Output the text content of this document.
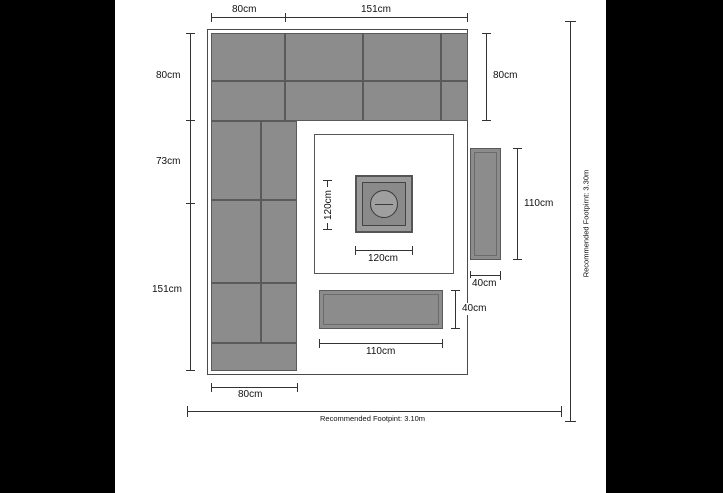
80cm	151cm
80cm
80cm
73cm
151cm
80cm
120cm
120cm
110cm
40cm
40cm
110cm
Recommended Footpint: 3.10m
Recommended Footpirnt: 3.30m
